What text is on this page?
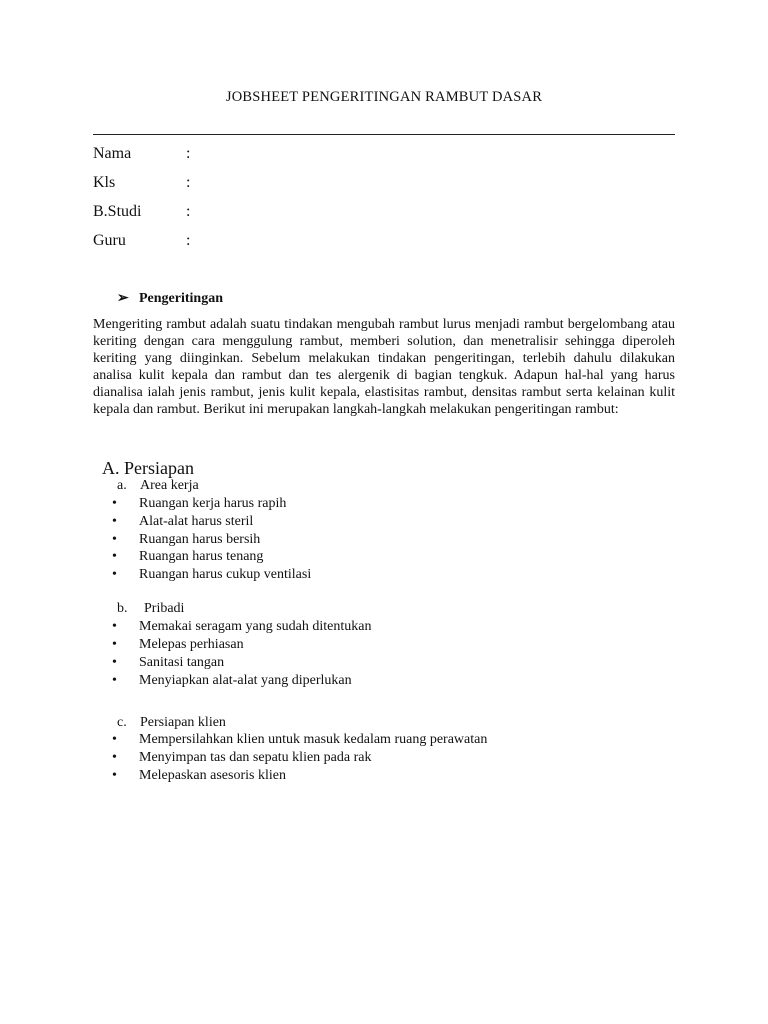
JOBSHEET PENGERITINGAN RAMBUT DASAR
Nama	:
Kls	:
B.Studi	:
Guru	:
➢ Pengeritingan
Mengeriting rambut adalah suatu tindakan mengubah rambut lurus menjadi rambut bergelombang atau keriting dengan cara menggulung rambut, memberi solution, dan menetralisir sehingga diperoleh keriting yang diinginkan. Sebelum melakukan tindakan pengeritingan, terlebih dahulu dilakukan analisa kulit kepala dan rambut dan tes alergenik di bagian tengkuk. Adapun hal-hal yang harus dianalisa ialah jenis rambut, jenis kulit kepala, elastisitas rambut, densitas rambut serta kelainan kulit kepala dan rambut. Berikut ini merupakan langkah-langkah melakukan pengeritingan rambut:
A. Persiapan
a. Area kerja
• Ruangan kerja harus rapih
• Alat-alat harus steril
• Ruangan harus bersih
• Ruangan harus tenang
• Ruangan harus cukup ventilasi
b. Pribadi
• Memakai seragam yang sudah ditentukan
• Melepas perhiasan
• Sanitasi tangan
• Menyiapkan alat-alat yang diperlukan
c. Persiapan klien
• Mempersilahkan klien untuk masuk kedalam ruang perawatan
• Menyimpan tas dan sepatu klien pada rak
• Melepaskan asesoris klien
